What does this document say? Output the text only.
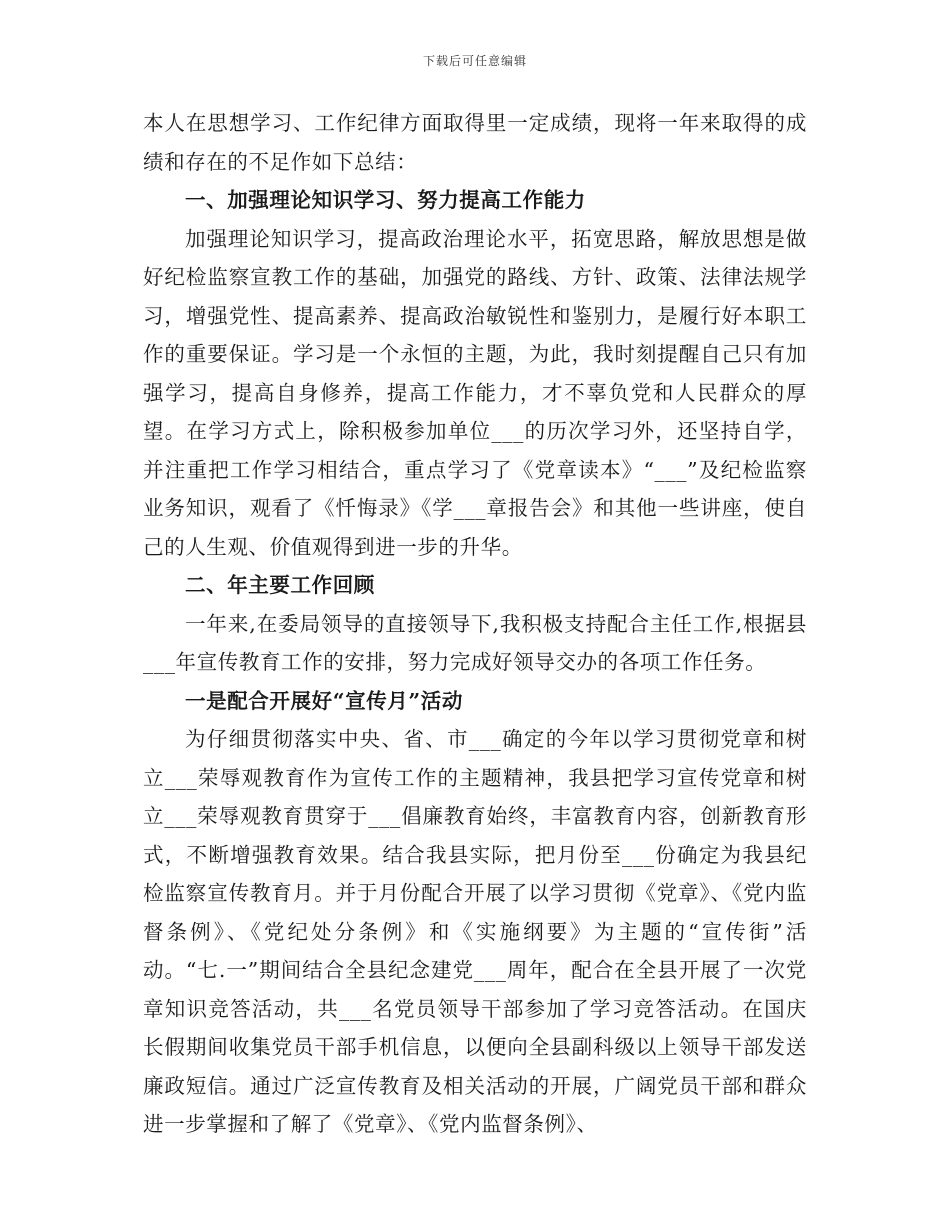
下载后可任意编辑

本人在思想学习、工作纪律方面取得里一定成绩，现将一年来取得的成绩和存在的不足作如下总结：

一、加强理论知识学习、努力提高工作能力

加强理论知识学习，提高政治理论水平，拓宽思路，解放思想是做好纪检监察宣教工作的基础，加强党的路线、方针、政策、法律法规学习，增强党性、提高素养、提高政治敏锐性和鉴别力，是履行好本职工作的重要保证。学习是一个永恒的主题，为此，我时刻提醒自己只有加强学习，提高自身修养，提高工作能力，才不辜负党和人民群众的厚望。在学习方式上，除积极参加单位___的历次学习外，还坚持自学，并注重把工作学习相结合，重点学习了《党章读本》“___”及纪检监察业务知识，观看了《忏悔录》《学___章报告会》和其他一些讲座，使自己的人生观、价值观得到进一步的升华。

二、年主要工作回顾

一年来,在委局领导的直接领导下,我积极支持配合主任工作,根据县___年宣传教育工作的安排，努力完成好领导交办的各项工作任务。

一是配合开展好“宣传月”活动

为仔细贯彻落实中央、省、市___确定的今年以学习贯彻党章和树立___荣辱观教育作为宣传工作的主题精神，我县把学习宣传党章和树立___荣辱观教育贯穿于___倡廉教育始终，丰富教育内容，创新教育形式，不断增强教育效果。结合我县实际，把月份至___份确定为我县纪检监察宣传教育月。并于月份配合开展了以学习贯彻《党章》、《党内监督条例》、《党纪处分条例》和《实施纲要》为主题的“宣传街”活动。“七.一”期间结合全县纪念建党___周年，配合在全县开展了一次党章知识竞答活动，共___名党员领导干部参加了学习竞答活动。在国庆长假期间收集党员干部手机信息，以便向全县副科级以上领导干部发送廉政短信。通过广泛宣传教育及相关活动的开展，广阔党员干部和群众进一步掌握和了解了《党章》、《党内监督条例》、
